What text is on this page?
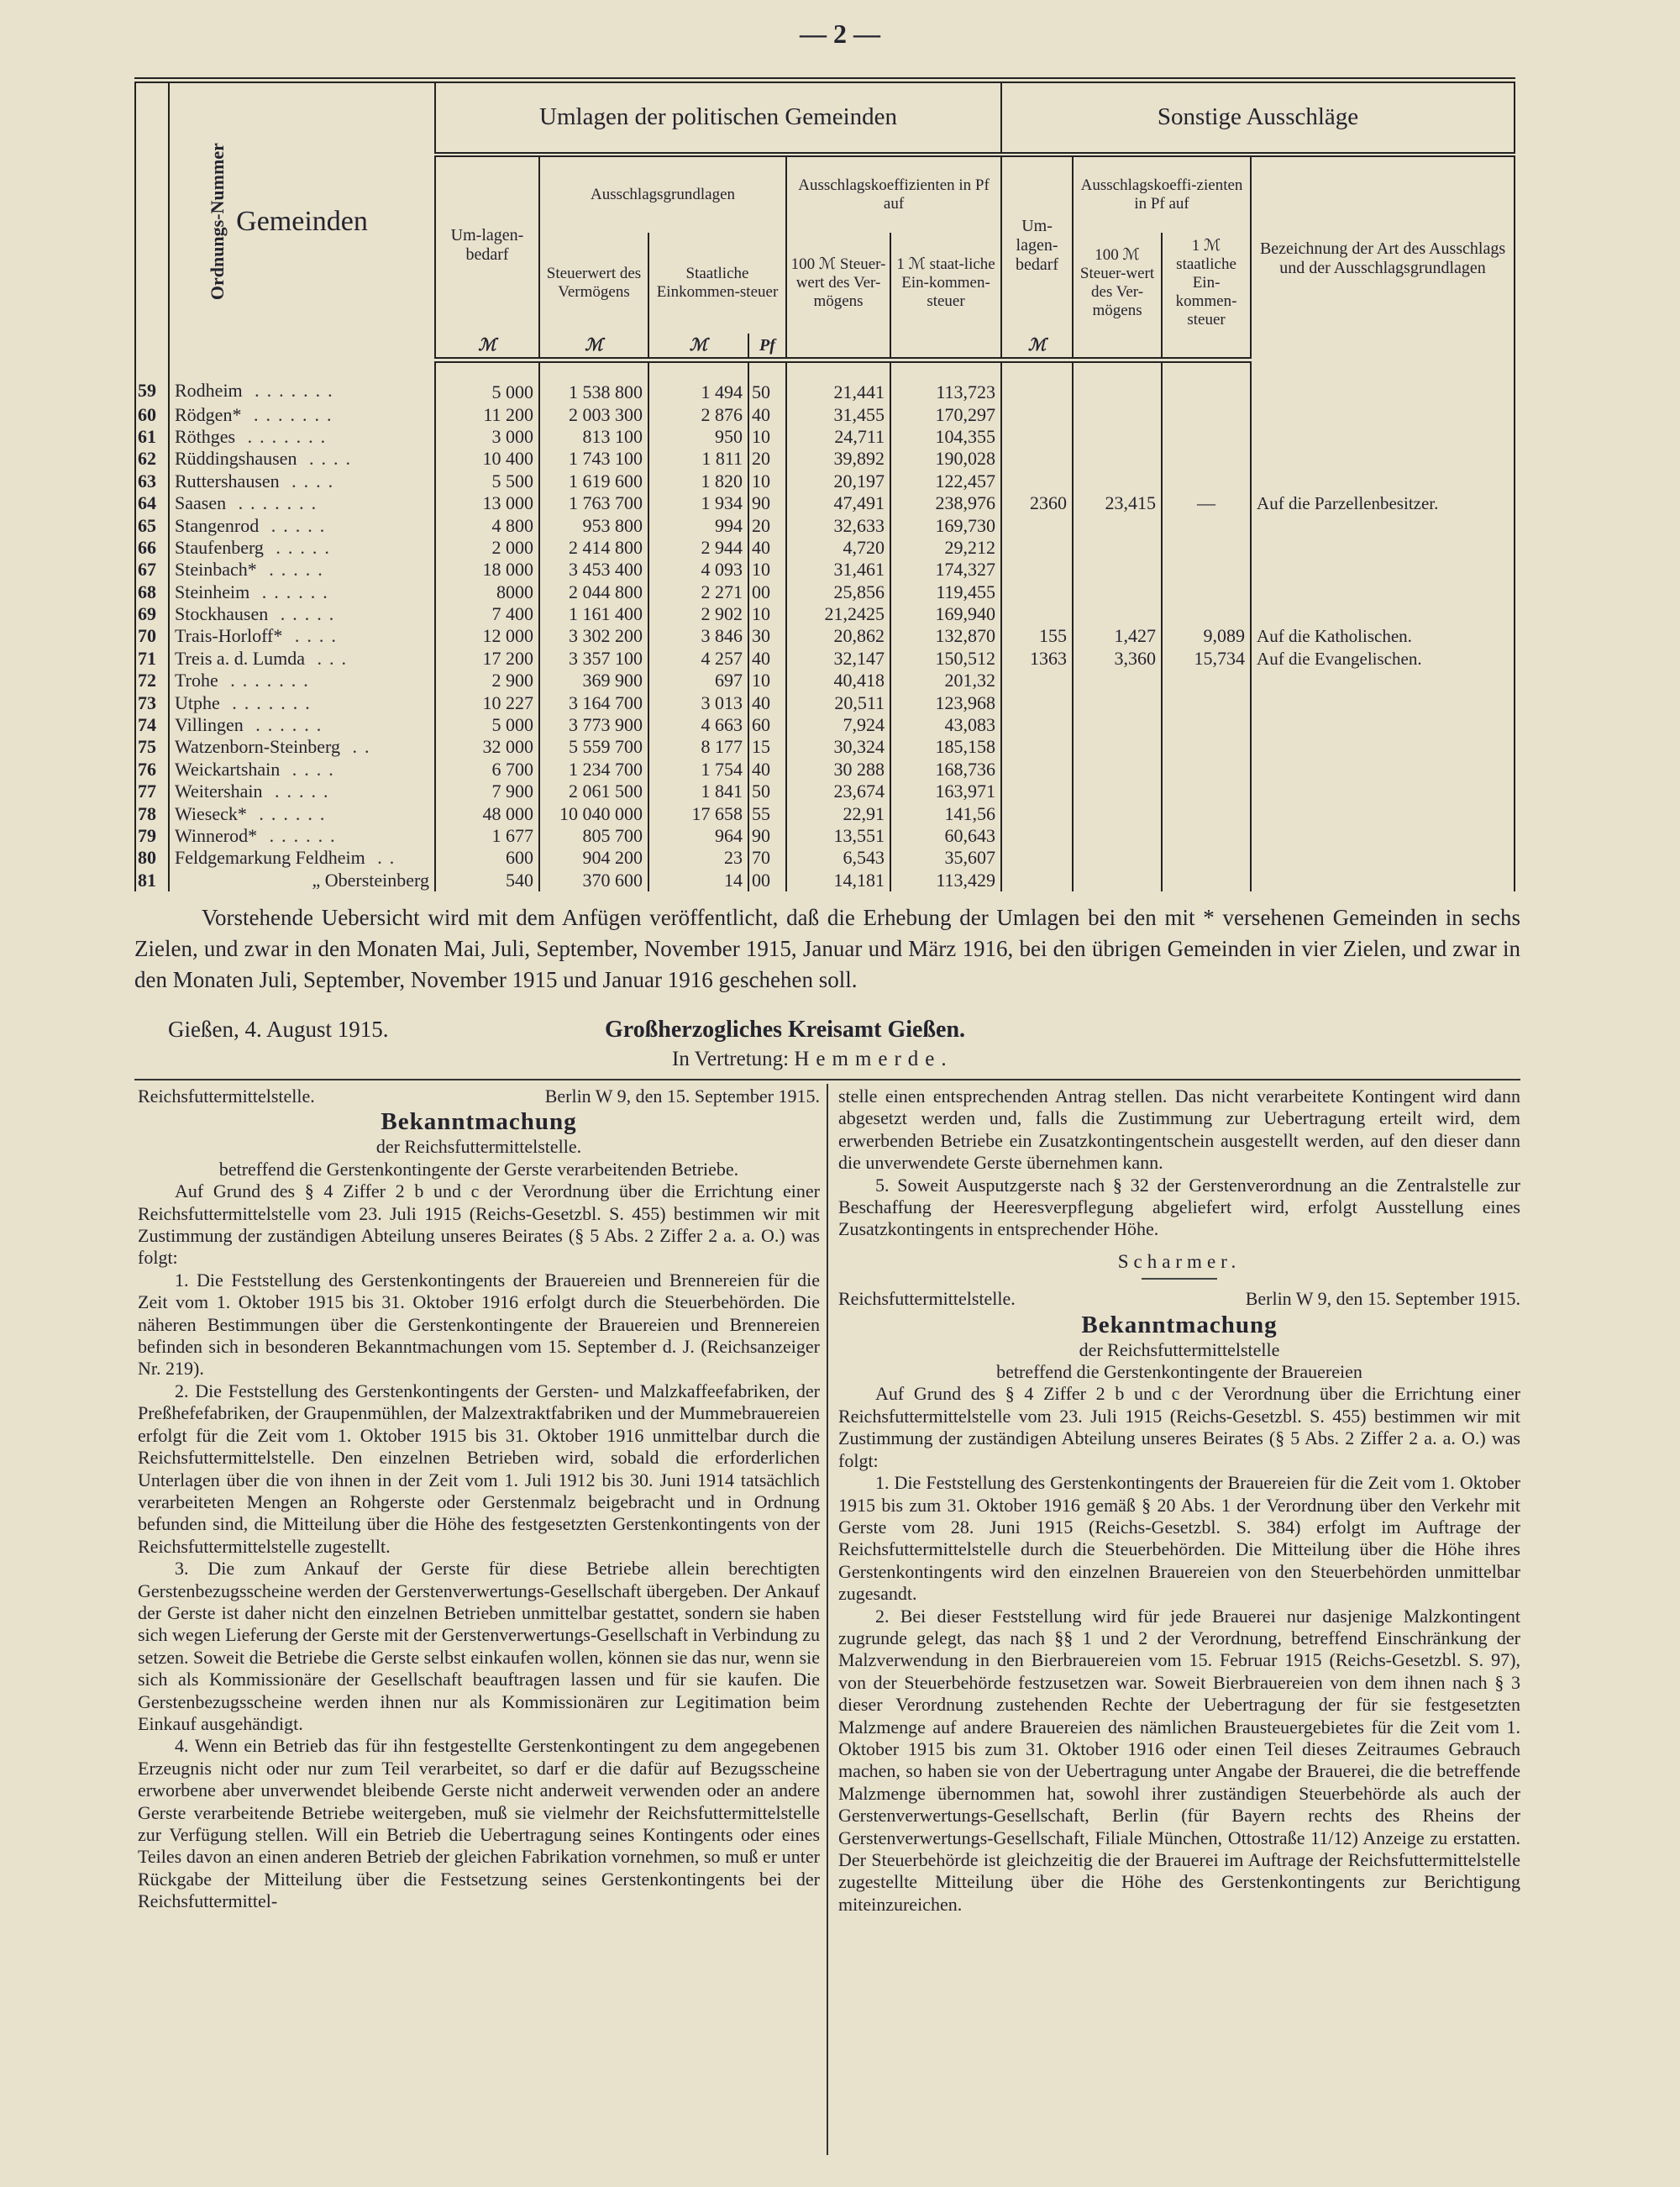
— 2 —
Ordnungs-Nummer	Gemeinden	Umlagen der politischen Gemeinden						Sonstige Ausschläge			
		Um-lagen-bedarf	Ausschlagsgrundlagen			Ausschlagskoeffizienten in Pf auf		Um-lagen-bedarf	Ausschlagskoeffi-zienten in Pf auf		Bezeichnung der Art des Ausschlags und der Ausschlagsgrundlagen
			Steuerwert des Vermögens	Staatliche Einkommen-steuer		100 ℳ Steuer-wert des Ver-mögens	1 ℳ staat-liche Ein-kommen-steuer		100 ℳ Steuer-wert des Ver-mögens	1 ℳ staatliche Ein-kommen-steuer	
		ℳ	ℳ	ℳ	Pf			ℳ			
59	Rodheim .......	5 000	1 538 800	1 494	50	21,441	113,723				
60	Rödgen* .......	11 200	2 003 300	2 876	40	31,455	170,297				
61	Röthges .......	3 000	813 100	950	10	24,711	104,355				
62	Rüddingshausen ....	10 400	1 743 100	1 811	20	39,892	190,028				
63	Ruttershausen ....	5 500	1 619 600	1 820	10	20,197	122,457				
64	Saasen .......	13 000	1 763 700	1 934	90	47,491	238,976	2360	23,415	—	Auf die Parzellenbesitzer.
65	Stangenrod .....	4 800	953 800	994	20	32,633	169,730				
66	Staufenberg .....	2 000	2 414 800	2 944	40	4,720	29,212				
67	Steinbach* .....	18 000	3 453 400	4 093	10	31,461	174,327				
68	Steinheim ......	8000	2 044 800	2 271	00	25,856	119,455				
69	Stockhausen .....	7 400	1 161 400	2 902	10	21,2425	169,940				
70	Trais-Horloff* ....	12 000	3 302 200	3 846	30	20,862	132,870	155	1,427	9,089	Auf die Katholischen.
71	Treis a. d. Lumda ...	17 200	3 357 100	4 257	40	32,147	150,512	1363	3,360	15,734	Auf die Evangelischen.
72	Trohe .......	2 900	369 900	697	10	40,418	201,32				
73	Utphe .......	10 227	3 164 700	3 013	40	20,511	123,968				
74	Villingen ......	5 000	3 773 900	4 663	60	7,924	43,083				
75	Watzenborn-Steinberg ..	32 000	5 559 700	8 177	15	30,324	185,158				
76	Weickartshain ....	6 700	1 234 700	1 754	40	30 288	168,736				
77	Weitershain .....	7 900	2 061 500	1 841	50	23,674	163,971				
78	Wieseck* ......	48 000	10 040 000	17 658	55	22,91	141,56				
79	Winnerod* ......	1 677	805 700	964	90	13,551	60,643				
80	Feldgemarkung Feldheim ..	600	904 200	23	70	6,543	35,607				
81	„ Obersteinberg	540	370 600	14	00	14,181	113,429				

Vorstehende Uebersicht wird mit dem Anfügen veröffentlicht, daß die Erhebung der Umlagen bei den mit * versehenen Gemeinden in sechs Zielen, und zwar in den Monaten Mai, Juli, September, November 1915, Januar und März 1916, bei den übrigen Gemeinden in vier Zielen, und zwar in den Monaten Juli, September, November 1915 und Januar 1916 geschehen soll.

Gießen, 4. August 1915.	Großherzogliches Kreisamt Gießen.
In Vertretung: Hemmerde.
Reichsfuttermittelstelle.	Berlin W 9, den 15. September 1915.
Bekanntmachung
der Reichsfuttermittelstelle.
betreffend die Gerstenkontingente der Gerste verarbeitenden Betriebe.

Auf Grund des § 4 Ziffer 2 b und c der Verordnung über die Errichtung einer Reichsfuttermittelstelle vom 23. Juli 1915 (Reichs-Gesetzbl. S. 455) bestimmen wir mit Zustimmung der zuständigen Abteilung unseres Beirates (§ 5 Abs. 2 Ziffer 2 a. a. O.) was folgt:

1. Die Feststellung des Gerstenkontingents der Brauereien und Brennereien für die Zeit vom 1. Oktober 1915 bis 31. Oktober 1916 erfolgt durch die Steuerbehörden. Die näheren Bestimmungen über die Gerstenkontingente der Brauereien und Brennereien befinden sich in besonderen Bekanntmachungen vom 15. September d. J. (Reichsanzeiger Nr. 219).

2. Die Feststellung des Gerstenkontingents der Gersten- und Malzkaffeefabriken, der Preßhefefabriken, der Graupenmühlen, der Malzextraktfabriken und der Mummebrauereien erfolgt für die Zeit vom 1. Oktober 1915 bis 31. Oktober 1916 unmittelbar durch die Reichsfuttermittelstelle. Den einzelnen Betrieben wird, sobald die erforderlichen Unterlagen über die von ihnen in der Zeit vom 1. Juli 1912 bis 30. Juni 1914 tatsächlich verarbeiteten Mengen an Rohgerste oder Gerstenmalz beigebracht und in Ordnung befunden sind, die Mitteilung über die Höhe des festgesetzten Gerstenkontingents von der Reichsfuttermittelstelle zugestellt.

3. Die zum Ankauf der Gerste für diese Betriebe allein berechtigten Gerstenbezugsscheine werden der Gerstenverwertungs-Gesellschaft übergeben. Der Ankauf der Gerste ist daher nicht den einzelnen Betrieben unmittelbar gestattet, sondern sie haben sich wegen Lieferung der Gerste mit der Gerstenverwertungs-Gesellschaft in Verbindung zu setzen. Soweit die Betriebe die Gerste selbst einkaufen wollen, können sie das nur, wenn sie sich als Kommissionäre der Gesellschaft beauftragen lassen und für sie kaufen. Die Gerstenbezugsscheine werden ihnen nur als Kommissionären zur Legitimation beim Einkauf ausgehändigt.

4. Wenn ein Betrieb das für ihn festgestellte Gerstenkontingent zu dem angegebenen Erzeugnis nicht oder nur zum Teil verarbeitet, so darf er die dafür auf Bezugsscheine erworbene aber unverwendet bleibende Gerste nicht anderweit verwenden oder an andere Gerste verarbeitende Betriebe weitergeben, muß sie vielmehr der Reichsfuttermittelstelle zur Verfügung stellen. Will ein Betrieb die Uebertragung seines Kontingents oder eines Teiles davon an einen anderen Betrieb der gleichen Fabrikation vornehmen, so muß er unter Rückgabe der Mitteilung über die Festsetzung seines Gerstenkontingents bei der Reichsfuttermittel-

stelle einen entsprechenden Antrag stellen. Das nicht verarbeitete Kontingent wird dann abgesetzt werden und, falls die Zustimmung zur Uebertragung erteilt wird, dem erwerbenden Betriebe ein Zusatzkontingentschein ausgestellt werden, auf den dieser dann die unverwendete Gerste übernehmen kann.

5. Soweit Ausputzgerste nach § 32 der Gerstenverordnung an die Zentralstelle zur Beschaffung der Heeresverpflegung abgeliefert wird, erfolgt Ausstellung eines Zusatzkontingents in entsprechender Höhe.

Scharmer.
Reichsfuttermittelstelle.	Berlin W 9, den 15. September 1915.
Bekanntmachung
der Reichsfuttermittelstelle
betreffend die Gerstenkontingente der Brauereien

Auf Grund des § 4 Ziffer 2 b und c der Verordnung über die Errichtung einer Reichsfuttermittelstelle vom 23. Juli 1915 (Reichs-Gesetzbl. S. 455) bestimmen wir mit Zustimmung der zuständigen Abteilung unseres Beirates (§ 5 Abs. 2 Ziffer 2 a. a. O.) was folgt:

1. Die Feststellung des Gerstenkontingents der Brauereien für die Zeit vom 1. Oktober 1915 bis zum 31. Oktober 1916 gemäß § 20 Abs. 1 der Verordnung über den Verkehr mit Gerste vom 28. Juni 1915 (Reichs-Gesetzbl. S. 384) erfolgt im Auftrage der Reichsfuttermittelstelle durch die Steuerbehörden. Die Mitteilung über die Höhe ihres Gerstenkontingents wird den einzelnen Brauereien von den Steuerbehörden unmittelbar zugesandt.

2. Bei dieser Feststellung wird für jede Brauerei nur dasjenige Malzkontingent zugrunde gelegt, das nach §§ 1 und 2 der Verordnung, betreffend Einschränkung der Malzverwendung in den Bierbrauereien vom 15. Februar 1915 (Reichs-Gesetzbl. S. 97), von der Steuerbehörde festzusetzen war. Soweit Bierbrauereien von dem ihnen nach § 3 dieser Verordnung zustehenden Rechte der Uebertragung der für sie festgesetzten Malzmenge auf andere Brauereien des nämlichen Brausteuergebietes für die Zeit vom 1. Oktober 1915 bis zum 31. Oktober 1916 oder einen Teil dieses Zeitraumes Gebrauch machen, so haben sie von der Uebertragung unter Angabe der Brauerei, die die betreffende Malzmenge übernommen hat, sowohl ihrer zuständigen Steuerbehörde als auch der Gerstenverwertungs-Gesellschaft, Berlin (für Bayern rechts des Rheins der Gerstenverwertungs-Gesellschaft, Filiale München, Ottostraße 11/12) Anzeige zu erstatten. Der Steuerbehörde ist gleichzeitig die der Brauerei im Auftrage der Reichsfuttermittelstelle zugestellte Mitteilung über die Höhe des Gerstenkontingents zur Berichtigung miteinzureichen.
